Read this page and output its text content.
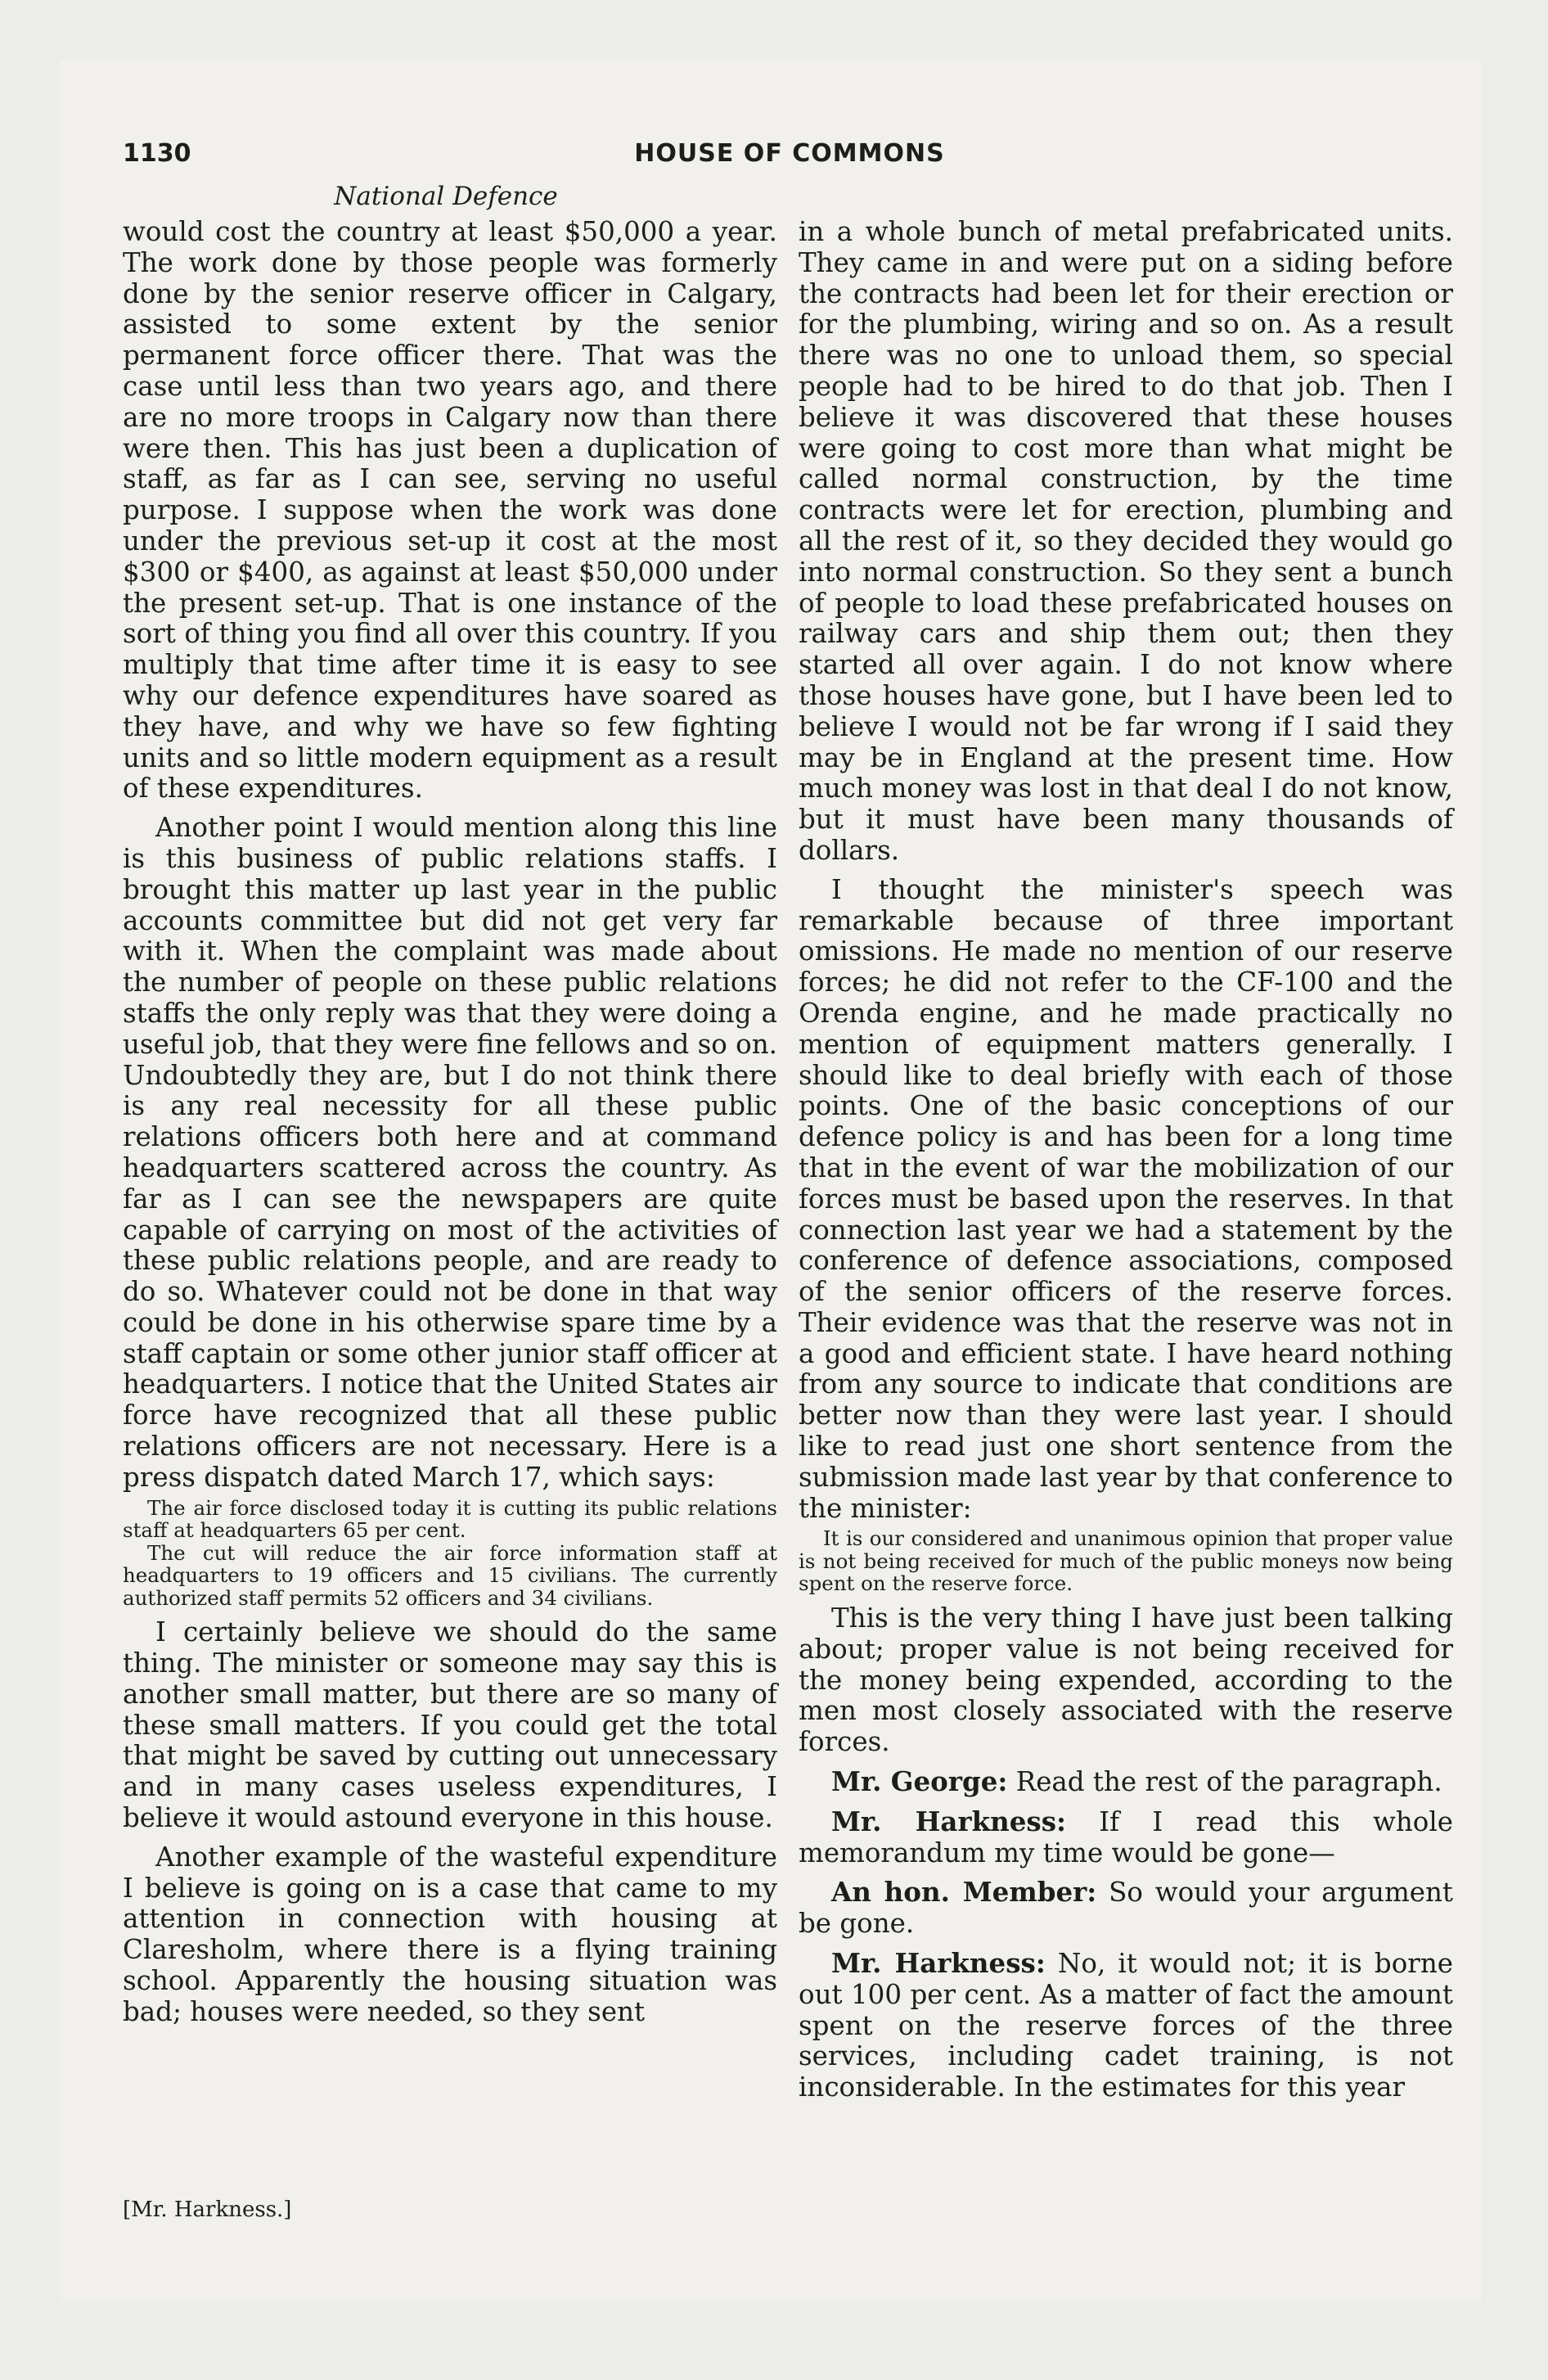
1130	HOUSE OF COMMONS
National Defence

would cost the country at least $50,000 a year. The work done by those people was formerly done by the senior reserve officer in Calgary, assisted to some extent by the senior permanent force officer there. That was the case until less than two years ago, and there are no more troops in Calgary now than there were then. This has just been a duplication of staff, as far as I can see, serving no useful purpose. I suppose when the work was done under the previous set-up it cost at the most $300 or $400, as against at least $50,000 under the present set-up. That is one instance of the sort of thing you find all over this country. If you multiply that time after time it is easy to see why our defence expenditures have soared as they have, and why we have so few fighting units and so little modern equipment as a result of these expenditures.

Another point I would mention along this line is this business of public relations staffs. I brought this matter up last year in the public accounts committee but did not get very far with it. When the complaint was made about the number of people on these public relations staffs the only reply was that they were doing a useful job, that they were fine fellows and so on. Undoubtedly they are, but I do not think there is any real necessity for all these public relations officers both here and at command headquarters scattered across the country. As far as I can see the newspapers are quite capable of carrying on most of the activities of these public relations people, and are ready to do so. Whatever could not be done in that way could be done in his otherwise spare time by a staff captain or some other junior staff officer at headquarters. I notice that the United States air force have recognized that all these public relations officers are not necessary. Here is a press dispatch dated March 17, which says:

The air force disclosed today it is cutting its public relations staff at headquarters 65 per cent.

The cut will reduce the air force information staff at headquarters to 19 officers and 15 civilians. The currently authorized staff permits 52 officers and 34 civilians.

I certainly believe we should do the same thing. The minister or someone may say this is another small matter, but there are so many of these small matters. If you could get the total that might be saved by cutting out unnecessary and in many cases useless expenditures, I believe it would astound everyone in this house.

Another example of the wasteful expenditure I believe is going on is a case that came to my attention in connection with housing at Claresholm, where there is a flying training school. Apparently the housing situation was bad; houses were needed, so they sent

in a whole bunch of metal prefabricated units. They came in and were put on a siding before the contracts had been let for their erection or for the plumbing, wiring and so on. As a result there was no one to unload them, so special people had to be hired to do that job. Then I believe it was discovered that these houses were going to cost more than what might be called normal construction, by the time contracts were let for erection, plumbing and all the rest of it, so they decided they would go into normal construction. So they sent a bunch of people to load these prefabricated houses on railway cars and ship them out; then they started all over again. I do not know where those houses have gone, but I have been led to believe I would not be far wrong if I said they may be in England at the present time. How much money was lost in that deal I do not know, but it must have been many thousands of dollars.

I thought the minister's speech was remarkable because of three important omissions. He made no mention of our reserve forces; he did not refer to the CF-100 and the Orenda engine, and he made practically no mention of equipment matters generally. I should like to deal briefly with each of those points. One of the basic conceptions of our defence policy is and has been for a long time that in the event of war the mobilization of our forces must be based upon the reserves. In that connection last year we had a statement by the conference of defence associations, composed of the senior officers of the reserve forces. Their evidence was that the reserve was not in a good and efficient state. I have heard nothing from any source to indicate that conditions are better now than they were last year. I should like to read just one short sentence from the submission made last year by that conference to the minister:

It is our considered and unanimous opinion that proper value is not being received for much of the public moneys now being spent on the reserve force.

This is the very thing I have just been talking about; proper value is not being received for the money being expended, according to the men most closely associated with the reserve forces.

Mr. George: Read the rest of the paragraph.

Mr. Harkness: If I read this whole memorandum my time would be gone—

An hon. Member: So would your argument be gone.

Mr. Harkness: No, it would not; it is borne out 100 per cent. As a matter of fact the amount spent on the reserve forces of the three services, including cadet training, is not inconsiderable. In the estimates for this year

[Mr. Harkness.]
